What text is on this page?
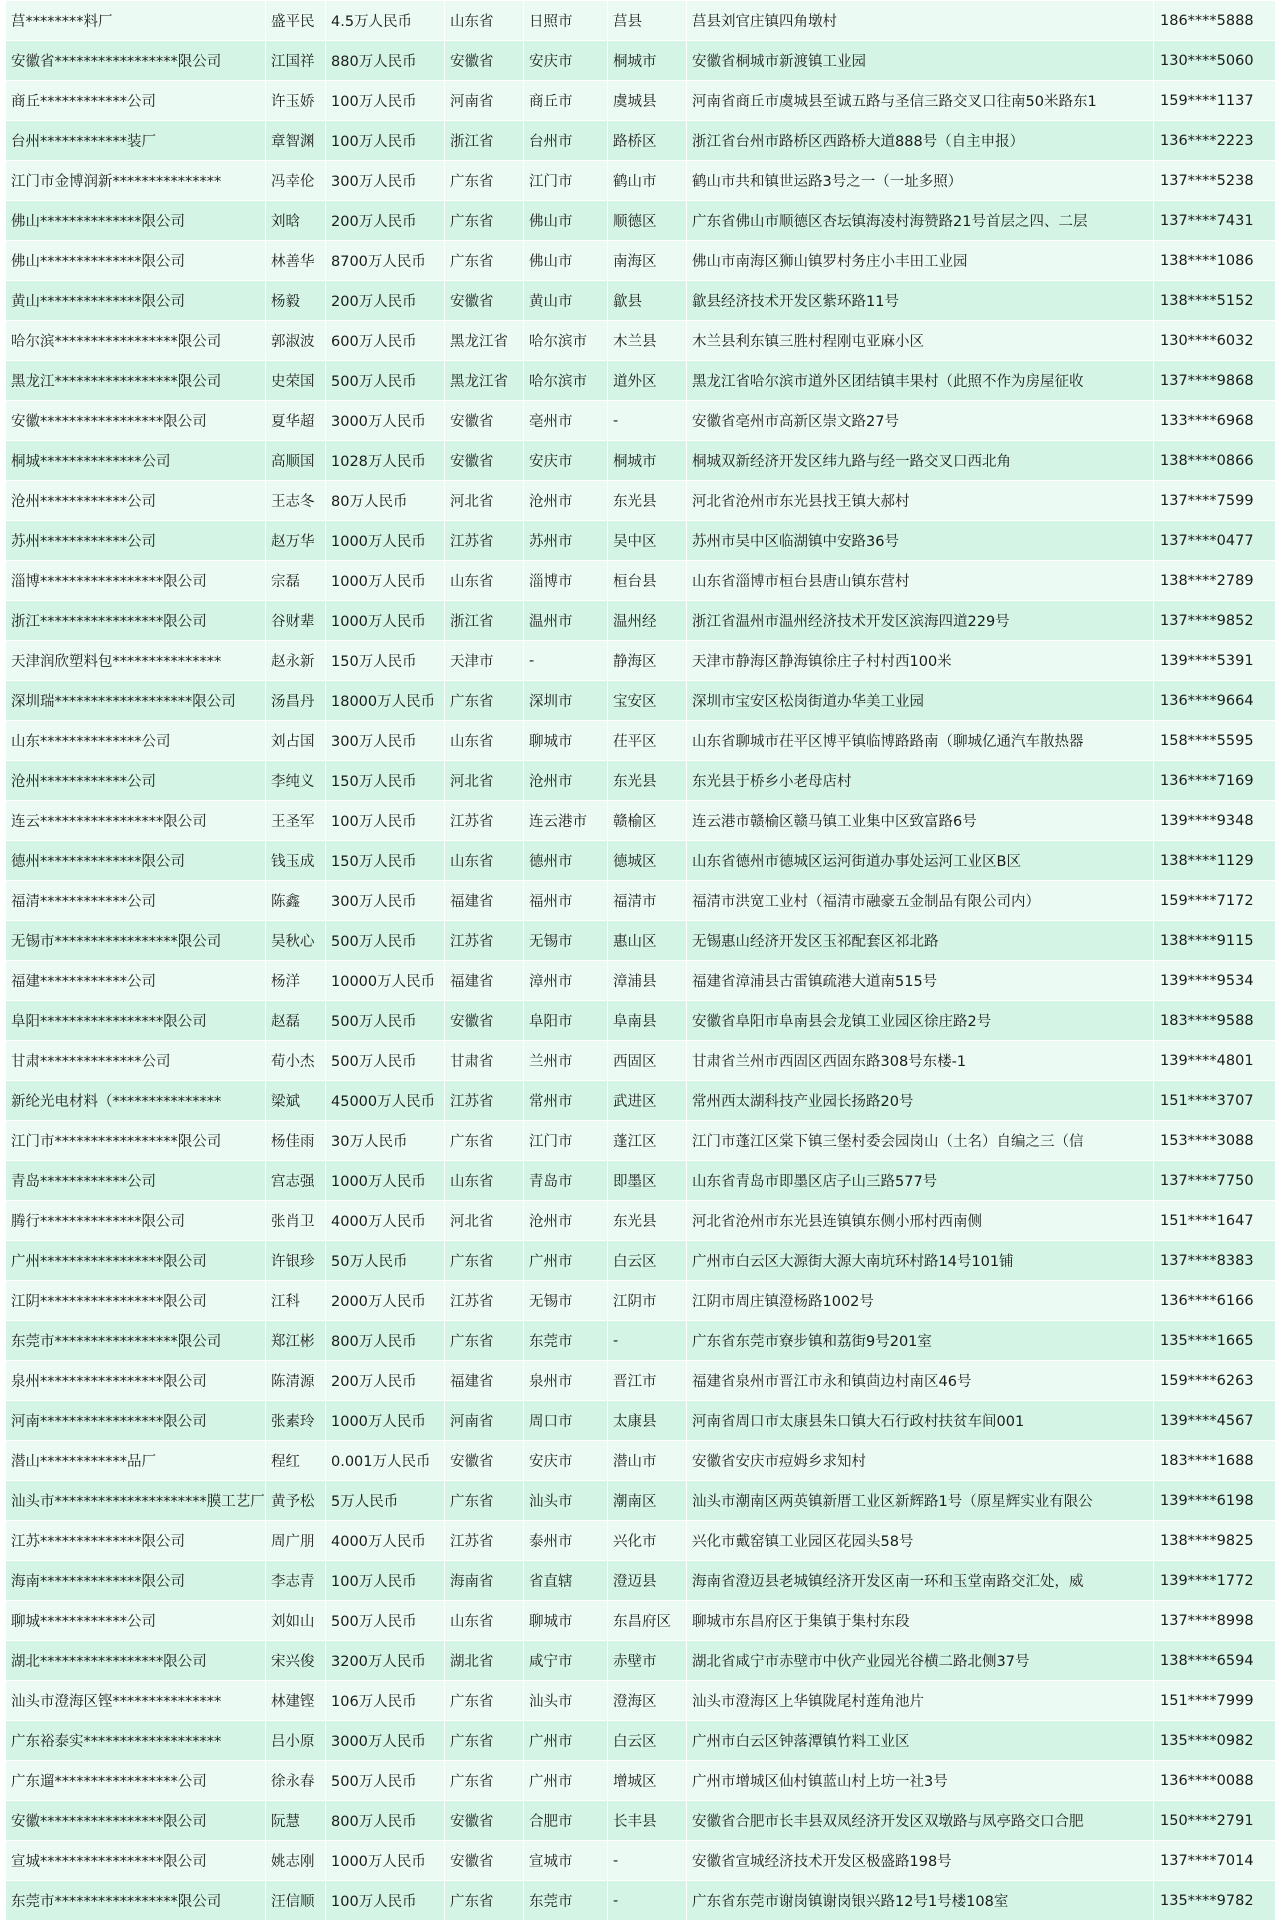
莒********料厂	盛平民	4.5万人民币	山东省	日照市	莒县	莒县刘官庄镇四角墩村	186****5888
安徽省*****************限公司	江国祥	880万人民币	安徽省	安庆市	桐城市	安徽省桐城市新渡镇工业园	130****5060
商丘************公司	许玉娇	100万人民币	河南省	商丘市	虞城县	河南省商丘市虞城县至诚五路与圣信三路交叉口往南50米路东1	159****1137
台州************装厂	章智渊	100万人民币	浙江省	台州市	路桥区	浙江省台州市路桥区西路桥大道888号（自主申报）	136****2223
江门市金博润新***************	冯幸伦	300万人民币	广东省	江门市	鹤山市	鹤山市共和镇世运路3号之一（一址多照）	137****5238
佛山**************限公司	刘晗	200万人民币	广东省	佛山市	顺德区	广东省佛山市顺德区杏坛镇海凌村海赞路21号首层之四、二层	137****7431
佛山**************限公司	林善华	8700万人民币	广东省	佛山市	南海区	佛山市南海区狮山镇罗村务庄小丰田工业园	138****1086
黄山**************限公司	杨毅	200万人民币	安徽省	黄山市	歙县	歙县经济技术开发区紫环路11号	138****5152
哈尔滨*****************限公司	郭淑波	600万人民币	黑龙江省	哈尔滨市	木兰县	木兰县利东镇三胜村程刚屯亚麻小区	130****6032
黑龙江*****************限公司	史荣国	500万人民币	黑龙江省	哈尔滨市	道外区	黑龙江省哈尔滨市道外区团结镇丰果村（此照不作为房屋征收	137****9868
安徽*****************限公司	夏华超	3000万人民币	安徽省	亳州市	-	安徽省亳州市高新区崇文路27号	133****6968
桐城**************公司	高顺国	1028万人民币	安徽省	安庆市	桐城市	桐城双新经济开发区纬九路与经一路交叉口西北角	138****0866
沧州************公司	王志冬	80万人民币	河北省	沧州市	东光县	河北省沧州市东光县找王镇大郝村	137****7599
苏州************公司	赵万华	1000万人民币	江苏省	苏州市	吴中区	苏州市吴中区临湖镇中安路36号	137****0477
淄博*****************限公司	宗磊	1000万人民币	山东省	淄博市	桓台县	山东省淄博市桓台县唐山镇东营村	138****2789
浙江*****************限公司	谷财辈	1000万人民币	浙江省	温州市	温州经	浙江省温州市温州经济技术开发区滨海四道229号	137****9852
天津润欣塑料包***************	赵永新	150万人民币	天津市	-	静海区	天津市静海区静海镇徐庄子村村西100米	139****5391
深圳瑞*******************限公司	汤昌丹	18000万人民币	广东省	深圳市	宝安区	深圳市宝安区松岗街道办华美工业园	136****9664
山东**************公司	刘占国	300万人民币	山东省	聊城市	茌平区	山东省聊城市茌平区博平镇临博路路南（聊城亿通汽车散热器	158****5595
沧州************公司	李纯义	150万人民币	河北省	沧州市	东光县	东光县于桥乡小老母店村	136****7169
连云*****************限公司	王圣军	100万人民币	江苏省	连云港市	赣榆区	连云港市赣榆区赣马镇工业集中区致富路6号	139****9348
德州**************限公司	钱玉成	150万人民币	山东省	德州市	德城区	山东省德州市德城区运河街道办事处运河工业区B区	138****1129
福清************公司	陈鑫	300万人民币	福建省	福州市	福清市	福清市洪宽工业村（福清市融豪五金制品有限公司内）	159****7172
无锡市*****************限公司	吴秋心	500万人民币	江苏省	无锡市	惠山区	无锡惠山经济开发区玉祁配套区祁北路	138****9115
福建************公司	杨洋	10000万人民币	福建省	漳州市	漳浦县	福建省漳浦县古雷镇疏港大道南515号	139****9534
阜阳*****************限公司	赵磊	500万人民币	安徽省	阜阳市	阜南县	安徽省阜阳市阜南县会龙镇工业园区徐庄路2号	183****9588
甘肃**************公司	荀小杰	500万人民币	甘肃省	兰州市	西固区	甘肃省兰州市西固区西固东路308号东楼-1	139****4801
新纶光电材料（***************	梁斌	45000万人民币	江苏省	常州市	武进区	常州西太湖科技产业园长扬路20号	151****3707
江门市*****************限公司	杨佳雨	30万人民币	广东省	江门市	蓬江区	江门市蓬江区棠下镇三堡村委会园岗山（土名）自编之三（信	153****3088
青岛************公司	宫志强	1000万人民币	山东省	青岛市	即墨区	山东省青岛市即墨区店子山三路577号	137****7750
腾行**************限公司	张肖卫	4000万人民币	河北省	沧州市	东光县	河北省沧州市东光县连镇镇东侧小邢村西南侧	151****1647
广州*****************限公司	许银珍	50万人民币	广东省	广州市	白云区	广州市白云区大源街大源大南坑环村路14号101铺	137****8383
江阴*****************限公司	江科	2000万人民币	江苏省	无锡市	江阴市	江阴市周庄镇澄杨路1002号	136****6166
东莞市*****************限公司	郑江彬	800万人民币	广东省	东莞市	-	广东省东莞市寮步镇和荔街9号201室	135****1665
泉州*****************限公司	陈清源	200万人民币	福建省	泉州市	晋江市	福建省泉州市晋江市永和镇茴边村南区46号	159****6263
河南*****************限公司	张素玲	1000万人民币	河南省	周口市	太康县	河南省周口市太康县朱口镇大石行政村扶贫车间001	139****4567
潜山************品厂	程红	0.001万人民币	安徽省	安庆市	潜山市	安徽省安庆市痘姆乡求知村	183****1688
汕头市*********************膜工艺厂	黄予松	5万人民币	广东省	汕头市	潮南区	汕头市潮南区两英镇新厝工业区新辉路1号（原星辉实业有限公	139****6198
江苏**************限公司	周广朋	4000万人民币	江苏省	泰州市	兴化市	兴化市戴窑镇工业园区花园头58号	138****9825
海南**************限公司	李志青	100万人民币	海南省	省直辖	澄迈县	海南省澄迈县老城镇经济开发区南一环和玉堂南路交汇处，威	139****1772
聊城************公司	刘如山	500万人民币	山东省	聊城市	东昌府区	聊城市东昌府区于集镇于集村东段	137****8998
湖北*****************限公司	宋兴俊	3200万人民币	湖北省	咸宁市	赤壁市	湖北省咸宁市赤壁市中伙产业园光谷横二路北侧37号	138****6594
汕头市澄海区铿***************	林建铿	106万人民币	广东省	汕头市	澄海区	汕头市澄海区上华镇陇尾村莲角池片	151****7999
广东裕泰实*******************	吕小原	3000万人民币	广东省	广州市	白云区	广州市白云区钟落潭镇竹料工业区	135****0982
广东遛*****************公司	徐永春	500万人民币	广东省	广州市	增城区	广州市增城区仙村镇蓝山村上坊一社3号	136****0088
安徽*****************限公司	阮慧	800万人民币	安徽省	合肥市	长丰县	安徽省合肥市长丰县双凤经济开发区双墩路与凤亭路交口合肥	150****2791
宣城*****************限公司	姚志刚	1000万人民币	安徽省	宣城市	-	安徽省宣城经济技术开发区极盛路198号	137****7014
东莞市*****************限公司	汪信顺	100万人民币	广东省	东莞市	-	广东省东莞市谢岗镇谢岗银兴路12号1号楼108室	135****9782
